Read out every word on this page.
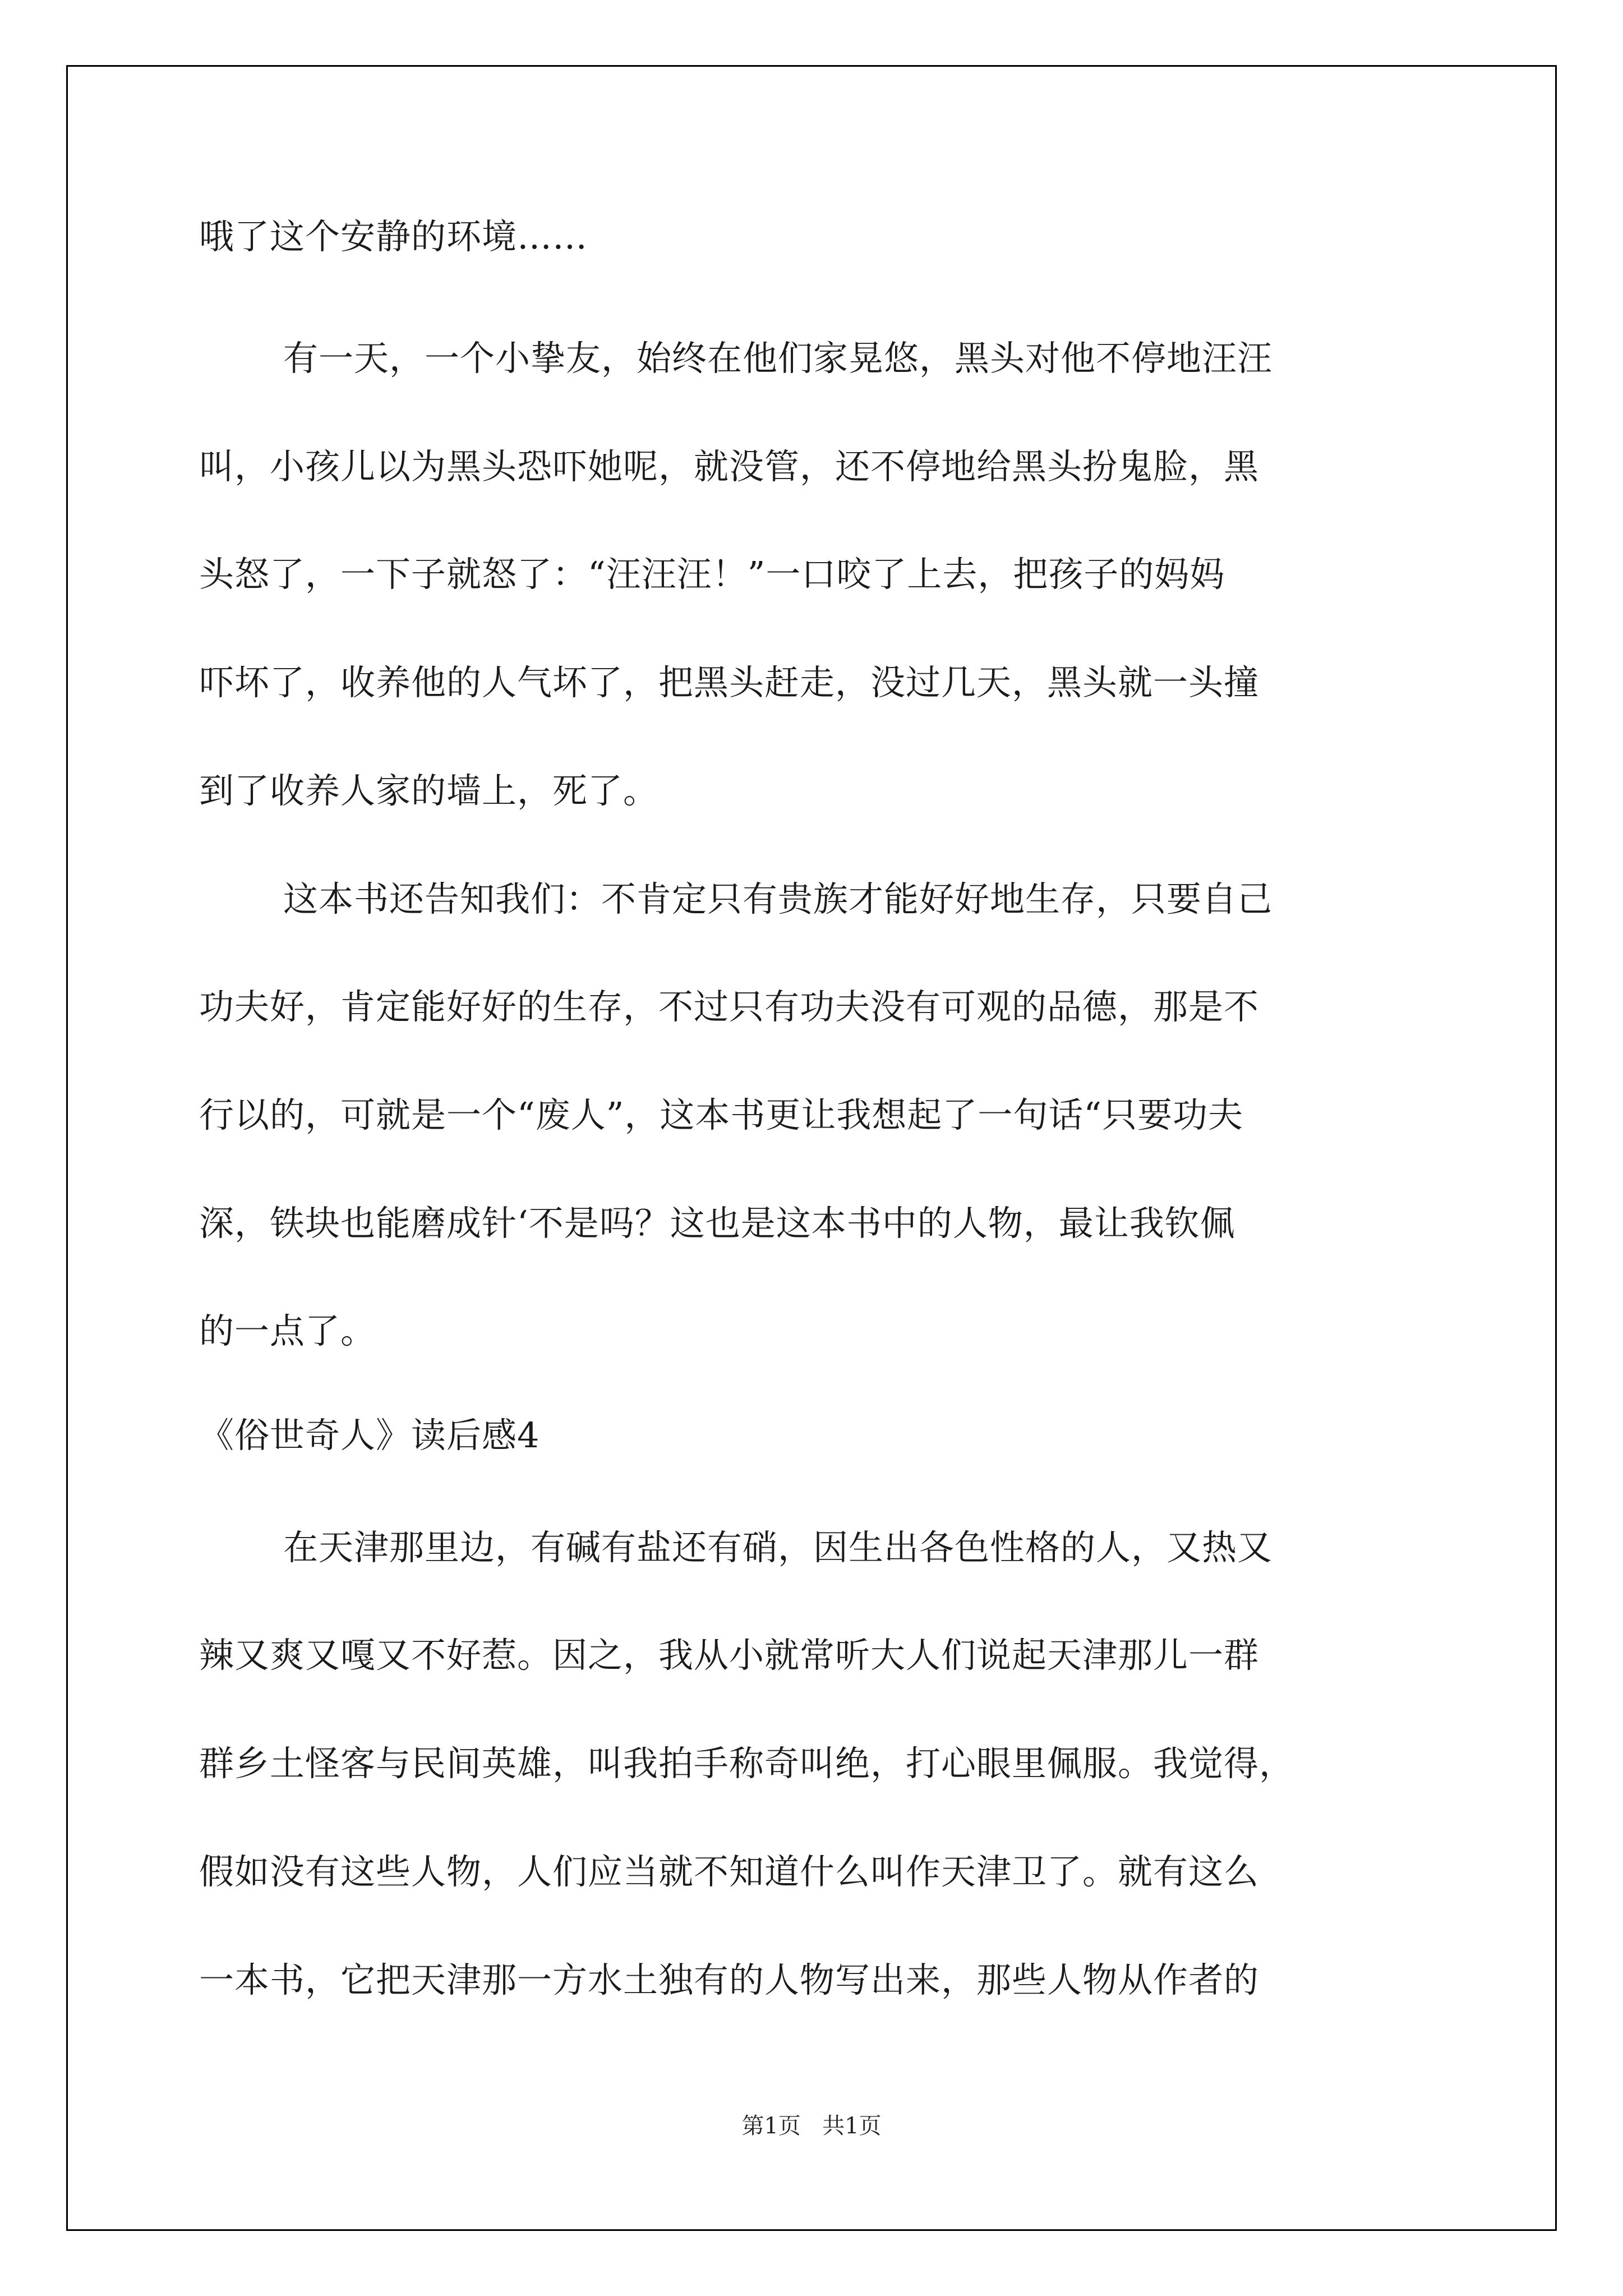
哦了这个安静的环境……
有一天，一个小挚友，始终在他们家晃悠，黑头对他不停地汪汪
叫，小孩儿以为黑头恐吓她呢，就没管，还不停地给黑头扮鬼脸，黑
头怒了，一下子就怒了：“汪汪汪！”一口咬了上去，把孩子的妈妈
吓坏了，收养他的人气坏了，把黑头赶走，没过几天，黑头就一头撞
到了收养人家的墙上，死了。
这本书还告知我们：不肯定只有贵族才能好好地生存，只要自己
功夫好，肯定能好好的生存，不过只有功夫没有可观的品德，那是不
行以的，可就是一个“废人”，这本书更让我想起了一句话“只要功夫
深，铁块也能磨成针‘不是吗？这也是这本书中的人物，最让我钦佩
的一点了。
《俗世奇人》读后感4
在天津那里边，有碱有盐还有硝，因生出各色性格的人，又热又
辣又爽又嘎又不好惹。因之，我从小就常听大人们说起天津那儿一群
群乡土怪客与民间英雄，叫我拍手称奇叫绝，打心眼里佩服。我觉得，
假如没有这些人物，人们应当就不知道什么叫作天津卫了。就有这么
一本书，它把天津那一方水土独有的人物写出来，那些人物从作者的
第1页 共1页
